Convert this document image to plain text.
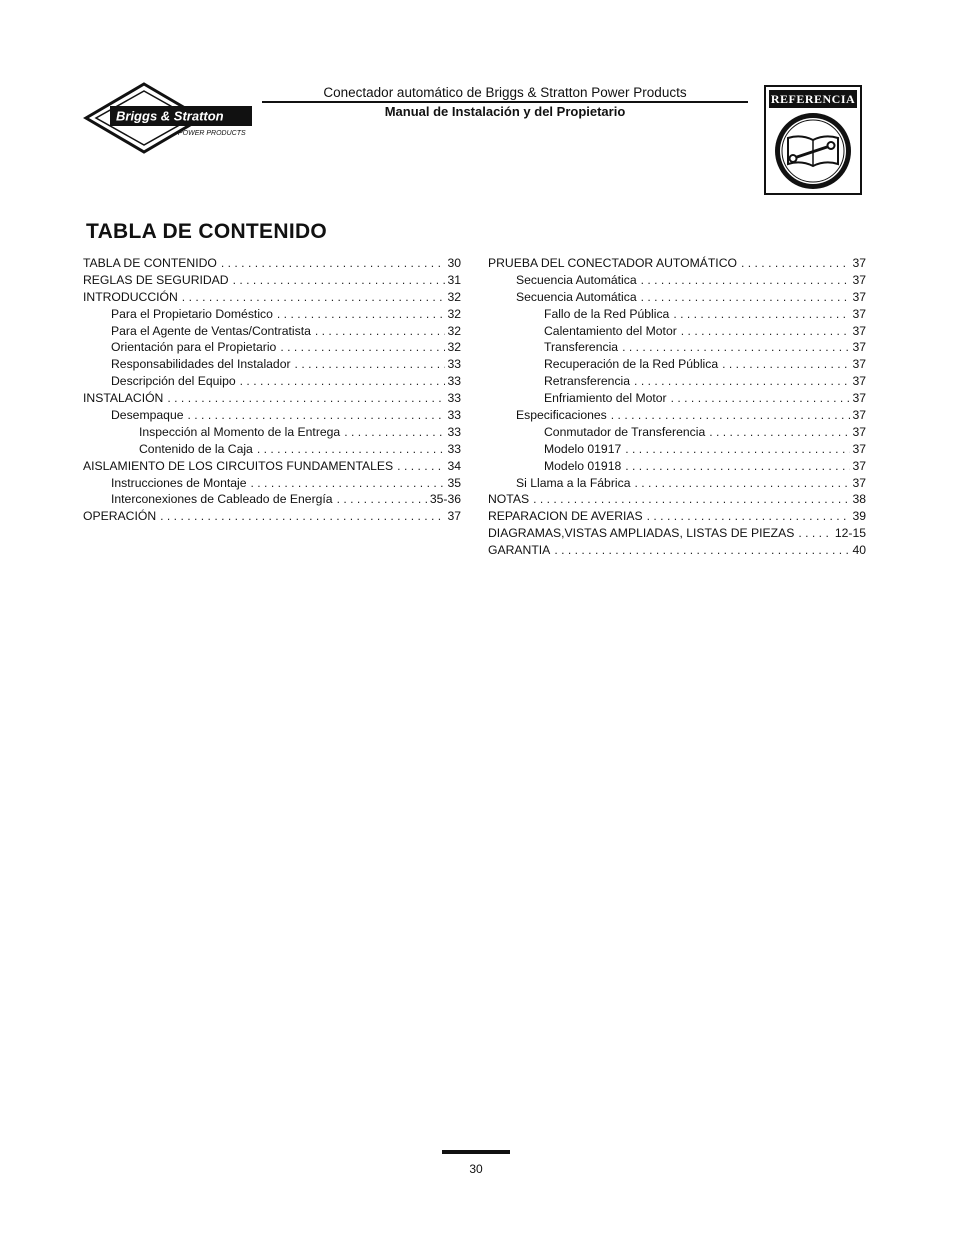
Briggs & Stratton
POWER PRODUCTS
Conectador automático de Briggs & Stratton Power Products
Manual de Instalación y del Propietario
REFERENCIA
TABLA DE CONTENIDO
TABLA DE CONTENIDO . . .	30
REGLAS DE SEGURIDAD . . .	31
INTRODUCCIÓN . . .	32
Para el Propietario Doméstico . . .	32
Para el Agente de Ventas/Contratista . . .	32
Orientación para el Propietario . . .	32
Responsabilidades del Instalador . . .	33
Descripción del Equipo . . .	33
INSTALACIÓN . . .	33
Desempaque . . .	33
Inspección al Momento de la Entrega . . .	33
Contenido de la Caja . . .	33
AISLAMIENTO DE LOS CIRCUITOS FUNDAMENTALES . . .	34
Instrucciones de Montaje . . .	35
Interconexiones de Cableado de Energía . . .	35-36
OPERACIÓN . . .	37
PRUEBA DEL CONECTADOR AUTOMÁTICO . . .	37
Secuencia Automática . . .	37
Secuencia Automática . . .	37
Fallo de la Red Pública . . .	37
Calentamiento del Motor . . .	37
Transferencia . . .	37
Recuperación de la Red Pública . . .	37
Retransferencia . . .	37
Enfriamiento del Motor . . .	37
Especificaciones . . .	37
Conmutador de Transferencia . . .	37
Modelo 01917 . . .	37
Modelo 01918 . . .	37
Si Llama a la Fábrica . . .	37
NOTAS . . .	38
REPARACION DE AVERIAS . . .	39
DIAGRAMAS,VISTAS AMPLIADAS, LISTAS DE PIEZAS . . .	12-15
GARANTIA . . .	40
30
